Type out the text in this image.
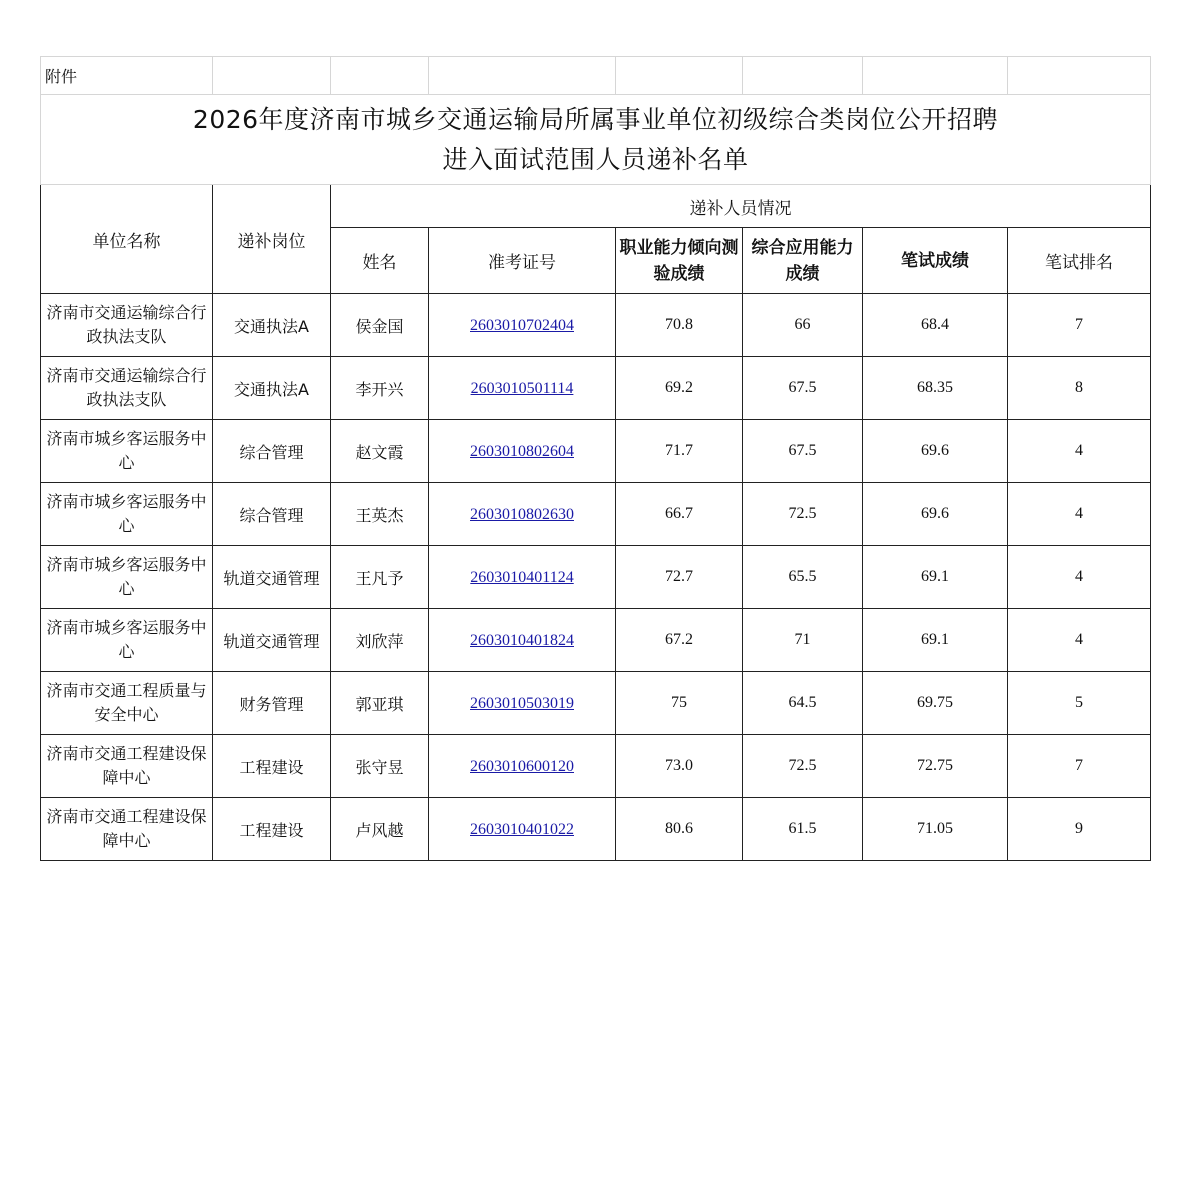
附件							

2026年度济南市城乡交通运输局所属事业单位初级综合类岗位公开招聘
进入面试范围人员递补名单							

单位名称	递补岗位	递补人员情况					
		姓名	准考证号	职业能力倾向测验成绩	综合应用能力成绩	笔试成绩	笔试排名
济南市交通运输综合行政执法支队	交通执法A	侯金国	2603010702404	70.8	66	68.4	7
济南市交通运输综合行政执法支队	交通执法A	李开兴	2603010501114	69.2	67.5	68.35	8
济南市城乡客运服务中心	综合管理	赵文霞	2603010802604	71.7	67.5	69.6	4
济南市城乡客运服务中心	综合管理	王英杰	2603010802630	66.7	72.5	69.6	4
济南市城乡客运服务中心	轨道交通管理	王凡予	2603010401124	72.7	65.5	69.1	4
济南市城乡客运服务中心	轨道交通管理	刘欣萍	2603010401824	67.2	71	69.1	4
济南市交通工程质量与安全中心	财务管理	郭亚琪	2603010503019	75	64.5	69.75	5
济南市交通工程建设保障中心	工程建设	张守昱	2603010600120	73.0	72.5	72.75	7
济南市交通工程建设保障中心	工程建设	卢风越	2603010401022	80.6	61.5	71.05	9
